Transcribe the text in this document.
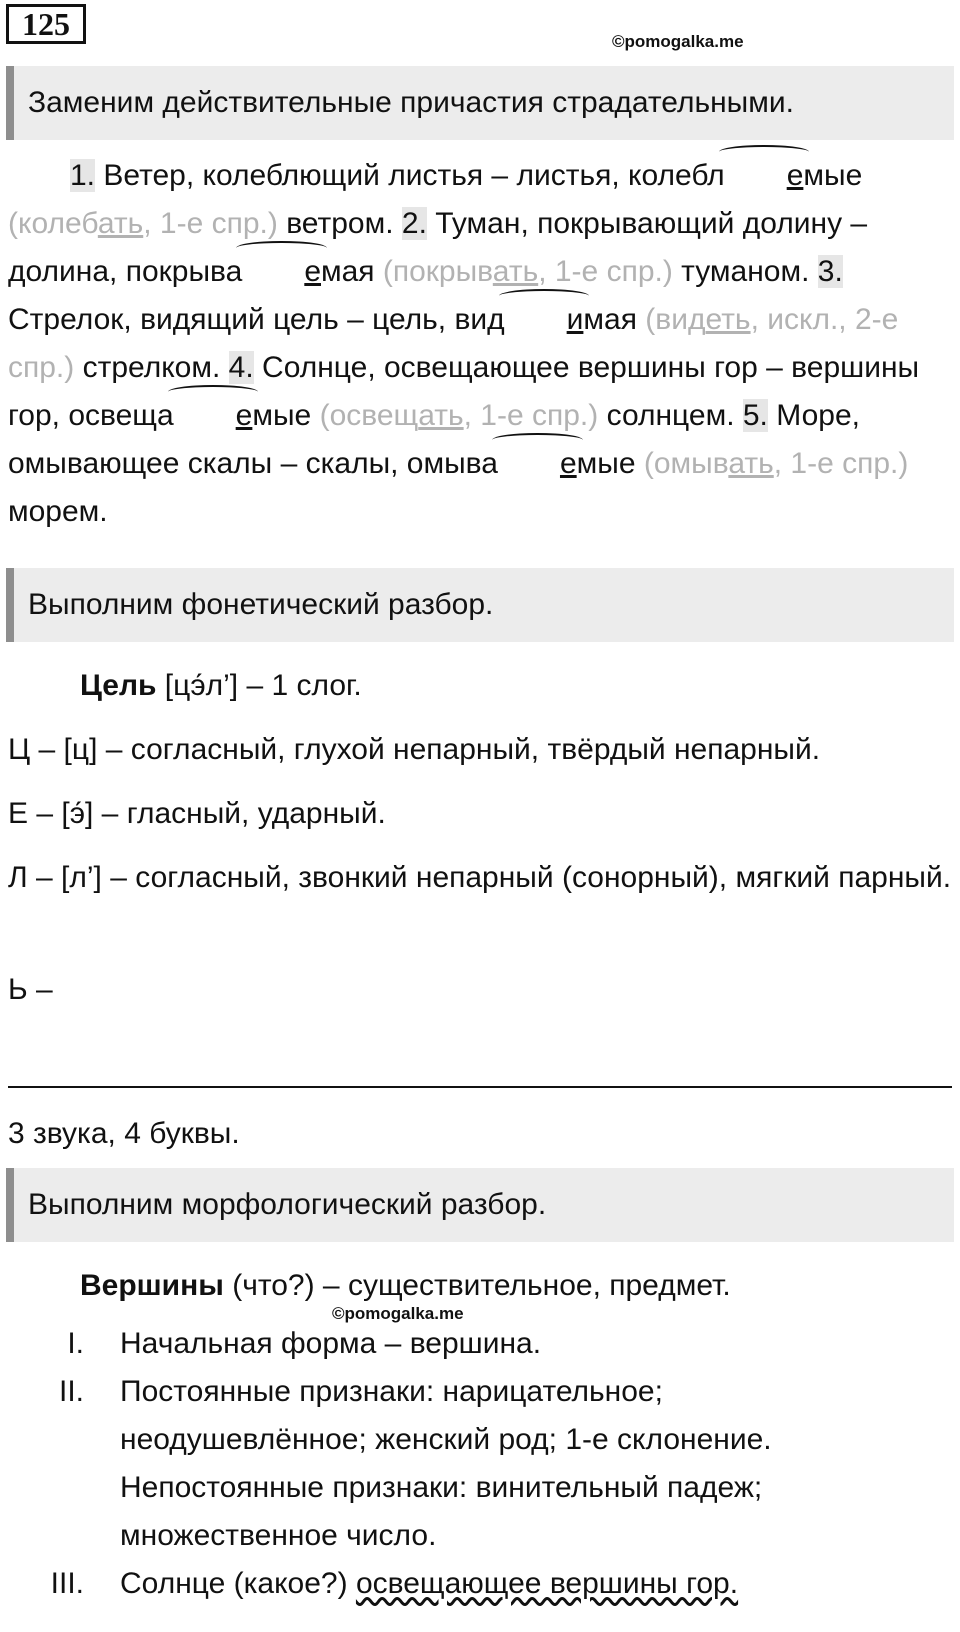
125	©pomogalka.me
Заменим действительные причастия страдательными.
1. Ветер, колеблющий листья – листья, колебл емые (колебать, 1-е спр.) ветром. 2. Туман, покрывающий долину – долина, покрыва емая (покрывать, 1-е спр.) туманом. 3. Стрелок, видящий цель – цель, вид имая (видеть, искл., 2-е спр.) стрелком. 4. Солнце, освещающее вершины гор – вершины гор, освеща емые (освещать, 1-е спр.) солнцем. 5. Море, омывающее скалы – скалы, омыва емые (омывать, 1-е спр.) морем.
Выполним фонетический разбор.
Цель [цэ́л’] – 1 слог.
Ц – [ц] – согласный, глухой непарный, твёрдый непарный.
Е – [э́] – гласный, ударный.
Л – [л’] – согласный, звонкий непарный (сонорный), мягкий парный.
Ь –
3 звука, 4 буквы.
Выполним морфологический разбор.
Вершины (что?) – существительное, предмет.
©pomogalka.me
I. Начальная форма – вершина.
II. Постоянные признаки: нарицательное; неодушевлённое; женский род; 1-е склонение. Непостоянные признаки: винительный падеж; множественное число.
III. Солнце (какое?) освещающее вершины гор.
